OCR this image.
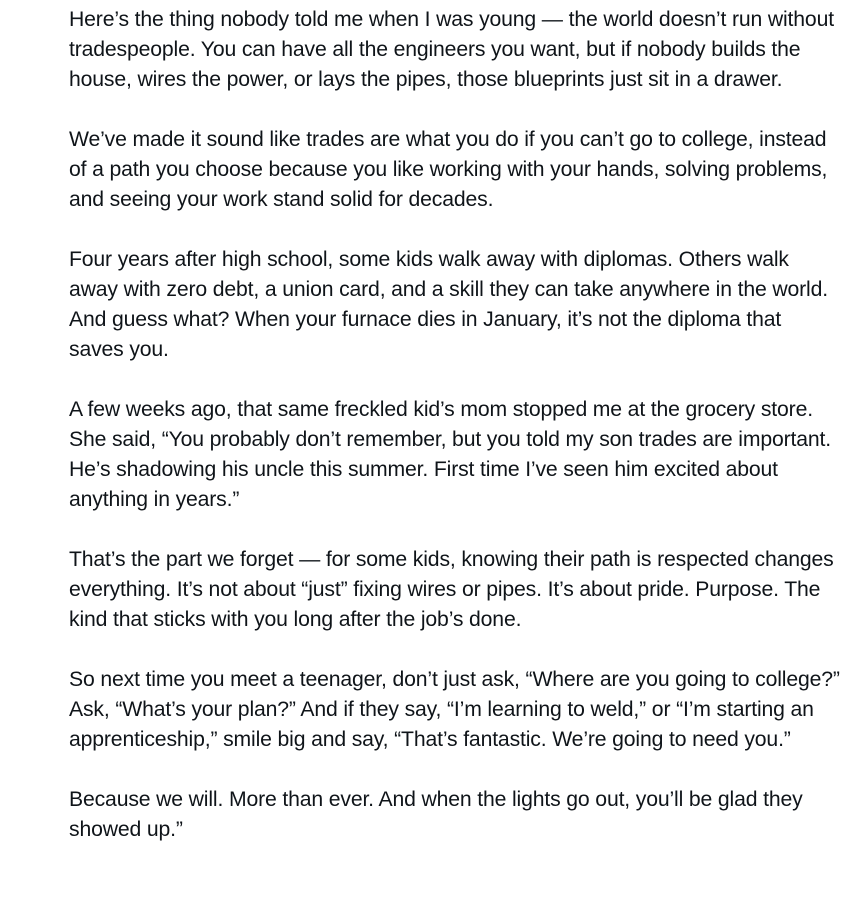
Here’s the thing nobody told me when I was young — the world doesn’t run without tradespeople. You can have all the engineers you want, but if nobody builds the house, wires the power, or lays the pipes, those blueprints just sit in a drawer.

We’ve made it sound like trades are what you do if you can’t go to college, instead of a path you choose because you like working with your hands, solving problems, and seeing your work stand solid for decades.

Four years after high school, some kids walk away with diplomas. Others walk away with zero debt, a union card, and a skill they can take anywhere in the world. And guess what? When your furnace dies in January, it’s not the diploma that saves you.

A few weeks ago, that same freckled kid’s mom stopped me at the grocery store. She said, “You probably don’t remember, but you told my son trades are important. He’s shadowing his uncle this summer. First time I’ve seen him excited about anything in years.”

That’s the part we forget — for some kids, knowing their path is respected changes everything. It’s not about “just” fixing wires or pipes. It’s about pride. Purpose. The kind that sticks with you long after the job’s done.

So next time you meet a teenager, don’t just ask, “Where are you going to college?” Ask, “What’s your plan?” And if they say, “I’m learning to weld,” or “I’m starting an apprenticeship,” smile big and say, “That’s fantastic. We’re going to need you.”

Because we will. More than ever. And when the lights go out, you’ll be glad they showed up.”
